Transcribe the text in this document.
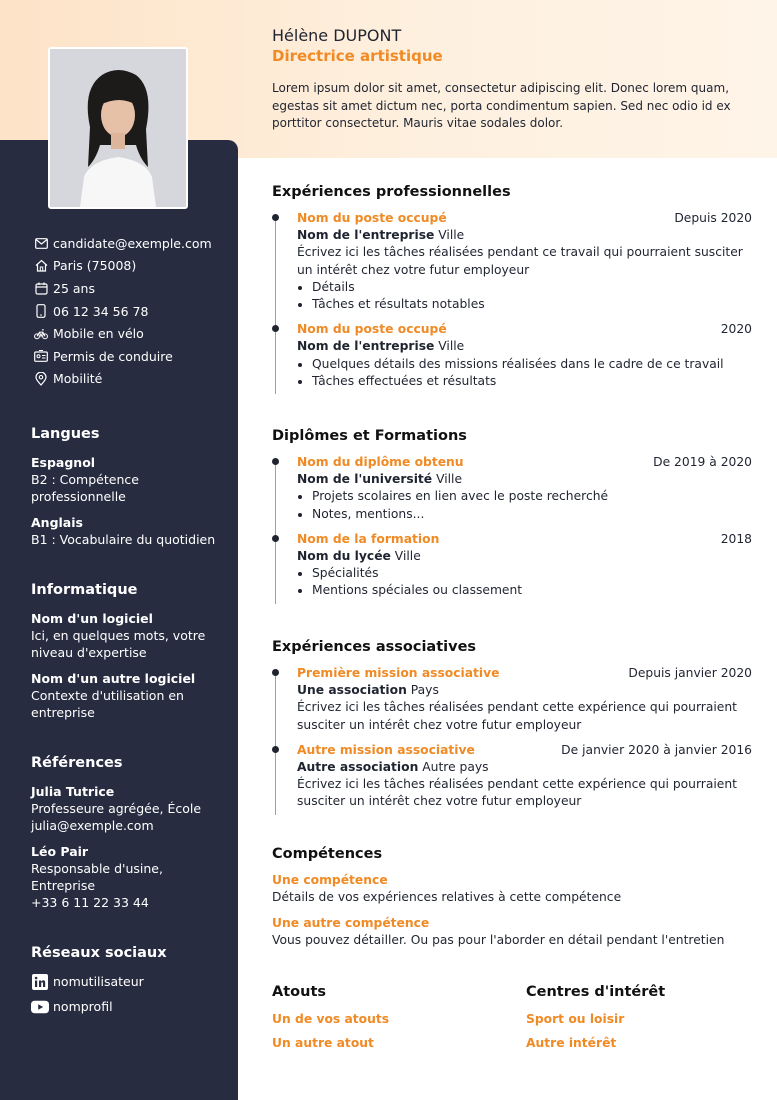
candidate@exemple.com
Paris (75008)
25 ans
06 12 34 56 78
Mobile en vélo
Permis de conduire
Mobilité
Langues
Espagnol
B2 : Compétence professionnelle
Anglais
B1 : Vocabulaire du quotidien
Informatique
Nom d'un logiciel
Ici, en quelques mots, votre niveau d'expertise
Nom d'un autre logiciel
Contexte d'utilisation en entreprise
Références
Julia Tutrice
Professeure agrégée, École
julia@exemple.com
Léo Pair
Responsable d'usine,
Entreprise
+33 6 11 22 33 44
Réseaux sociaux
nomutilisateur
nomprofil
Hélène DUPONT
Directrice artistique
Lorem ipsum dolor sit amet, consectetur adipiscing elit. Donec lorem quam, egestas sit amet dictum nec, porta condimentum sapien. Sed nec odio id ex porttitor consectetur. Mauris vitae sodales dolor.
Expériences professionnelles
Nom du poste occupé	Depuis 2020
Nom de l'entreprise Ville
Écrivez ici les tâches réalisées pendant ce travail qui pourraient susciter un intérêt chez votre futur employeur
• Détails
• Tâches et résultats notables
Nom du poste occupé	2020
Nom de l'entreprise Ville
• Quelques détails des missions réalisées dans le cadre de ce travail
• Tâches effectuées et résultats
Diplômes et Formations
Nom du diplôme obtenu	De 2019 à 2020
Nom de l'université Ville
• Projets scolaires en lien avec le poste recherché
• Notes, mentions...
Nom de la formation	2018
Nom du lycée Ville
• Spécialités
• Mentions spéciales ou classement
Expériences associatives
Première mission associative	Depuis janvier 2020
Une association Pays
Écrivez ici les tâches réalisées pendant cette expérience qui pourraient susciter un intérêt chez votre futur employeur
Autre mission associative	De janvier 2020 à janvier 2016
Autre association Autre pays
Écrivez ici les tâches réalisées pendant cette expérience qui pourraient susciter un intérêt chez votre futur employeur
Compétences
Une compétence
Détails de vos expériences relatives à cette compétence
Une autre compétence
Vous pouvez détailler. Ou pas pour l'aborder en détail pendant l'entretien
Atouts
Un de vos atouts
Un autre atout
Centres d'intérêt
Sport ou loisir
Autre intérêt
